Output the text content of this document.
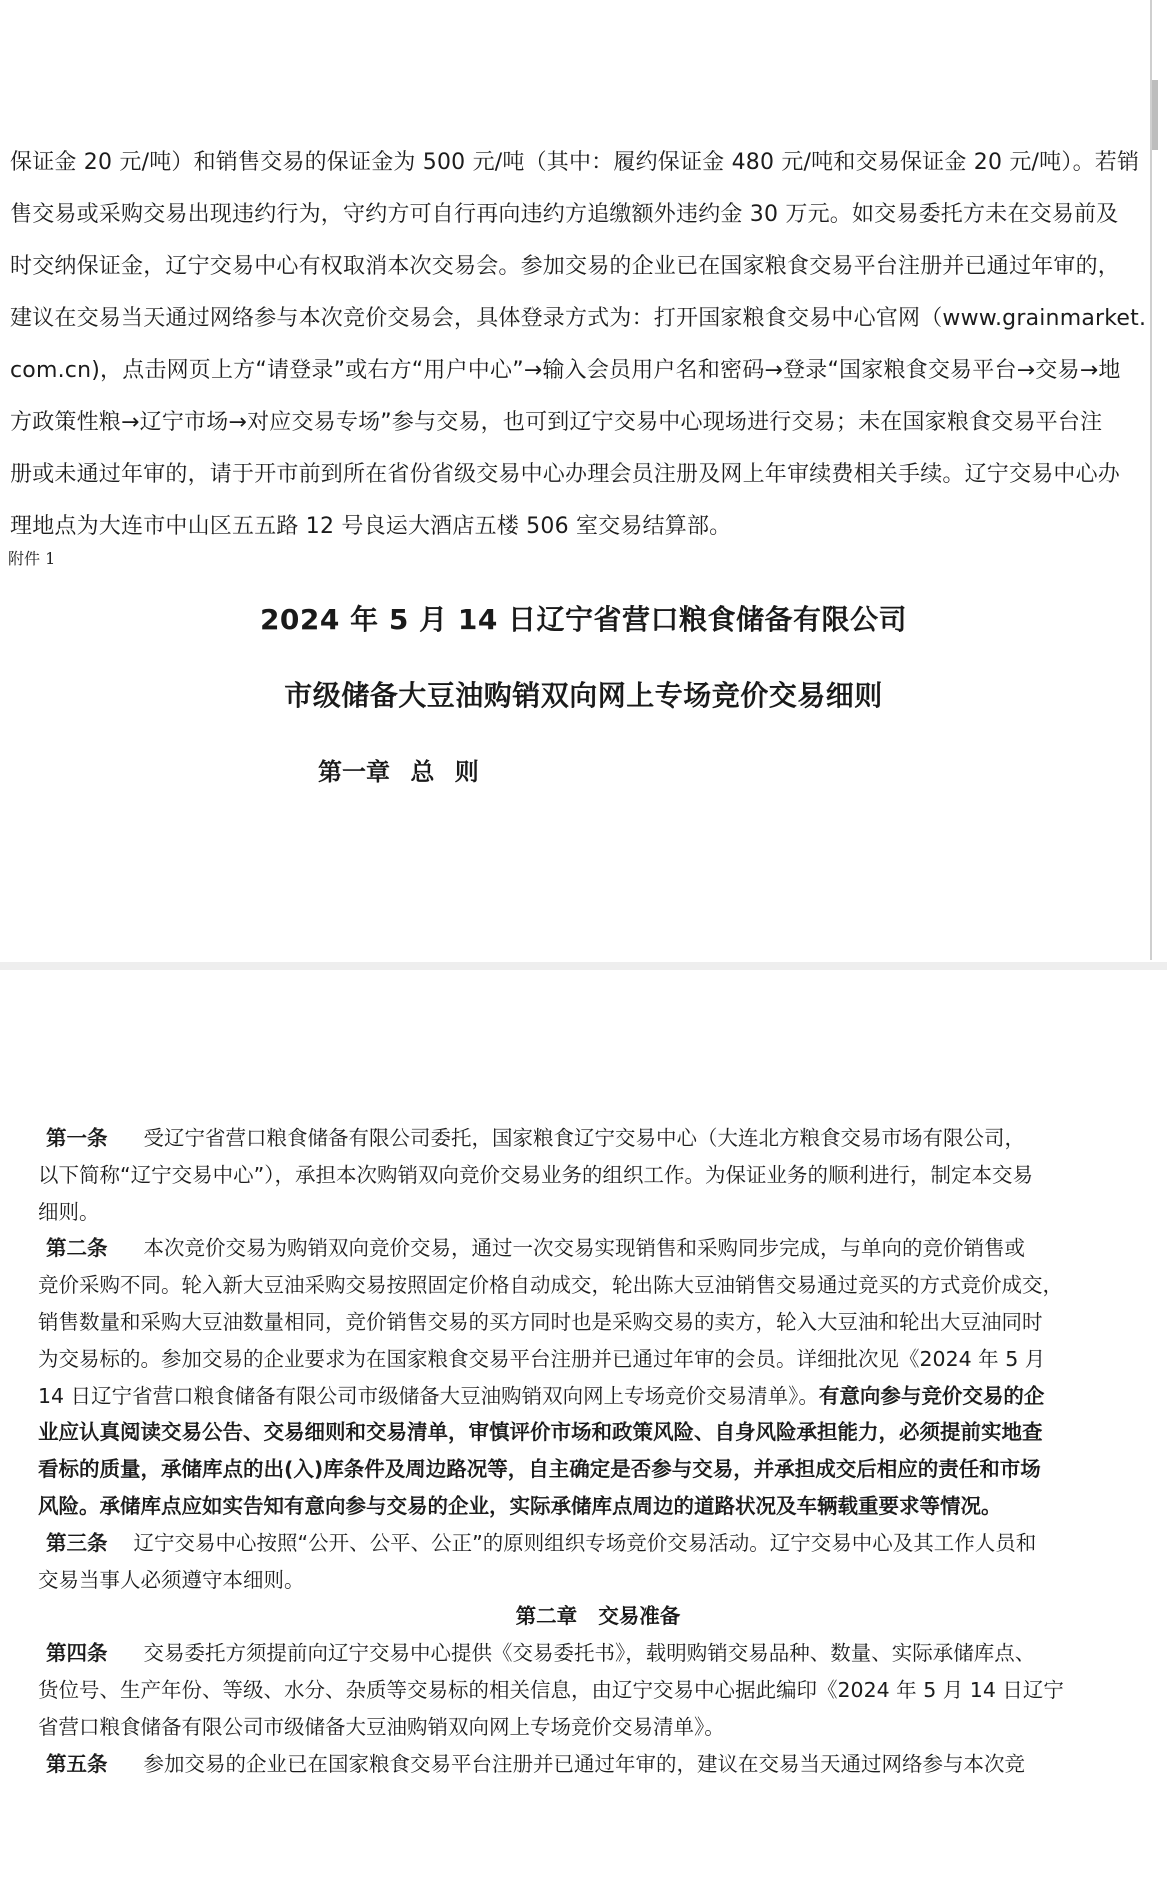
保证金 20 元/吨）和销售交易的保证金为 500 元/吨（其中：履约保证金 480 元/吨和交易保证金 20 元/吨）。若销
售交易或采购交易出现违约行为，守约方可自行再向违约方追缴额外违约金 30 万元。如交易委托方未在交易前及
时交纳保证金，辽宁交易中心有权取消本次交易会。参加交易的企业已在国家粮食交易平台注册并已通过年审的，
建议在交易当天通过网络参与本次竞价交易会，具体登录方式为：打开国家粮食交易中心官网（www.grainmarket.
com.cn)，点击网页上方“请登录”或右方“用户中心”→输入会员用户名和密码→登录“国家粮食交易平台→交易→地
方政策性粮→辽宁市场→对应交易专场”参与交易，也可到辽宁交易中心现场进行交易；未在国家粮食交易平台注
册或未通过年审的，请于开市前到所在省份省级交易中心办理会员注册及网上年审续费相关手续。辽宁交易中心办
理地点为大连市中山区五五路 12 号良运大酒店五楼 506 室交易结算部。
附件 1
2024 年 5 月 14 日辽宁省营口粮食储备有限公司
市级储备大豆油购销双向网上专场竞价交易细则
第一章 总 则
第一条 受辽宁省营口粮食储备有限公司委托，国家粮食辽宁交易中心（大连北方粮食交易市场有限公司，
以下简称“辽宁交易中心”），承担本次购销双向竞价交易业务的组织工作。为保证业务的顺利进行，制定本交易
细则。
第二条 本次竞价交易为购销双向竞价交易，通过一次交易实现销售和采购同步完成，与单向的竞价销售或
竞价采购不同。轮入新大豆油采购交易按照固定价格自动成交，轮出陈大豆油销售交易通过竞买的方式竞价成交，
销售数量和采购大豆油数量相同，竞价销售交易的买方同时也是采购交易的卖方，轮入大豆油和轮出大豆油同时
为交易标的。参加交易的企业要求为在国家粮食交易平台注册并已通过年审的会员。详细批次见《2024 年 5 月
14 日辽宁省营口粮食储备有限公司市级储备大豆油购销双向网上专场竞价交易清单》。有意向参与竞价交易的企
业应认真阅读交易公告、交易细则和交易清单，审慎评价市场和政策风险、自身风险承担能力，必须提前实地查
看标的质量，承储库点的出(入)库条件及周边路况等，自主确定是否参与交易，并承担成交后相应的责任和市场
风险。承储库点应如实告知有意向参与交易的企业，实际承储库点周边的道路状况及车辆载重要求等情况。
第三条 辽宁交易中心按照“公开、公平、公正”的原则组织专场竞价交易活动。辽宁交易中心及其工作人员和
交易当事人必须遵守本细则。
第二章 交易准备
第四条 交易委托方须提前向辽宁交易中心提供《交易委托书》，载明购销交易品种、数量、实际承储库点、
货位号、生产年份、等级、水分、杂质等交易标的相关信息，由辽宁交易中心据此编印《2024 年 5 月 14 日辽宁
省营口粮食储备有限公司市级储备大豆油购销双向网上专场竞价交易清单》。
第五条 参加交易的企业已在国家粮食交易平台注册并已通过年审的，建议在交易当天通过网络参与本次竞
